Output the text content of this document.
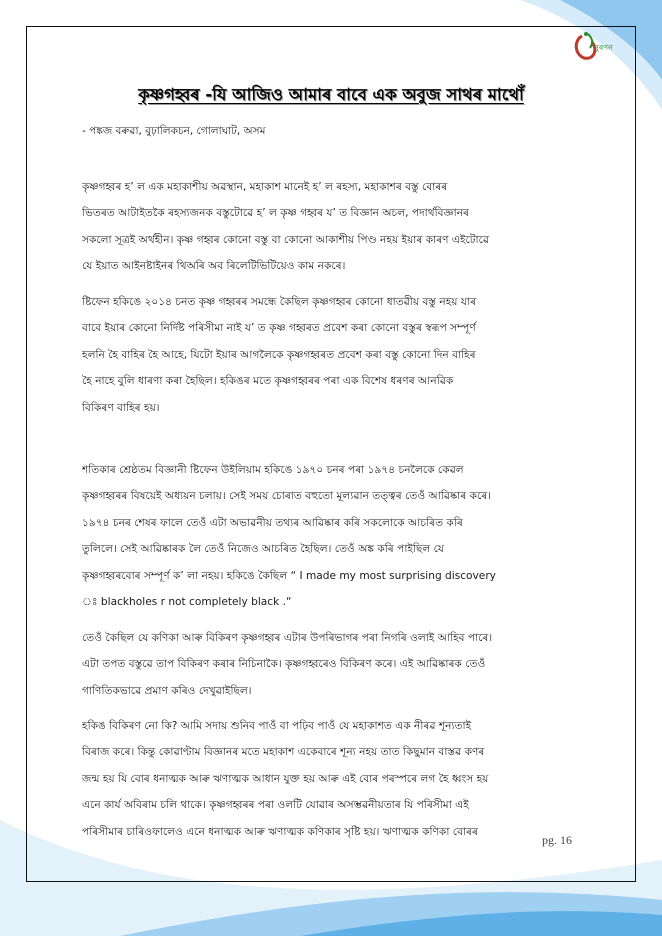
নুৰণন
কৃষ্ণগহ্বৰ -যি আজিও আমাৰ বাবে এক অবুজ সাথৰ মাথোঁ
- পঙ্কজ বৰুৱা, বুঢ়ালিকচন, গোলাঘাট, অসম

কৃষ্ণগহ্বৰ হ’ ল এক মহাকাশীয় অৱস্থান, মহাকাশ মানেই হ’ ল ৰহস্য, মহাকাশৰ বস্তু বোৰৰ
ভিতৰত আটাইতকৈ ৰহস্যজনক বস্তুটোৱে হ’ ল কৃষ্ণ গহ্বৰ য’ ত বিজ্ঞান অচল, পদাৰ্থবিজ্ঞানৰ
সকলো সূত্ৰই অৰ্থহীন। কৃষ্ণ গহ্বৰ কোনো বস্তু বা কোনো আকাশীয় পিণ্ড নহয় ইয়াৰ কাৰণ এইটোৱে
যে ইয়াত আইনষ্টাইনৰ থিঅৰি অব ৰিলেটিভিটিয়েও কাম নকৰে।

ষ্টিফেন হকিঙে ২০১৪ চনত কৃষ্ণ গহ্বৰৰ সমন্ধে কৈছিল কৃষ্ণগহ্বৰ কোনো ধাতৱীয় বস্তু নহয় যাৰ
বাবে ইয়াৰ কোনো নিৰ্দিষ্ট পৰিসীমা নাই য’ ত কৃষ্ণ গহ্বৰত প্ৰবেশ কৰা কোনো বস্তুৰ স্বৰূপ সম্পূৰ্ণ
হলনি হৈ বাহিৰ হৈ আহে, যিটো ইয়াৰ আগলৈকে কৃষ্ণগহ্বৰত প্ৰবেশ কৰা বস্তু কোনো দিন বাহিৰ
হৈ নাহে বুলি ধাৰণা কৰা হৈছিল। হকিঙৰ মতে কৃষ্ণগহ্বৰৰ পৰা এক বিশেষ ধৰণৰ আনৱিক
বিকিৰণ বাহিৰ হয়।

শতিকাৰ শ্ৰেষ্ঠতম বিজ্ঞানী ষ্টিফেন উইলিয়াম হকিঙে ১৯৭০ চনৰ পৰা ১৯৭৪ চনলৈকে কেৱল
কৃষ্ণগহ্বৰৰ বিষয়েই অধ্যয়ন চলায়। সেই সময় চোৰাত বহুতো মূল্যৱান তত্ত্বৰ তেওঁ আৱিষ্কাৰ কৰে।
১৯৭৪ চনৰ শেষৰ ফালে তেওঁ এটা অভাৱনীয় তথ্যৰ আৱিষ্কাৰ কৰি সকলোকে আচৰিত কৰি
তুলিলে। সেই আৱিষ্কাৰক লৈ তেওঁ নিজেও আচৰিত হৈছিল। তেওঁ অঙ্ক কৰি পাইছিল যে
কৃষ্ণগহ্বৰবোৰ সম্পূৰ্ণ ক’ লা নহয়। হকিঙে কৈছিল “ I made my most surprising discovery
ঃ blackholes r not completely black .“

তেওঁ কৈছিল যে কণিকা আৰু বিকিৰণ কৃষ্ণগহ্বৰ এটাৰ উপৰিভাগৰ পৰা নিগৰি ওলাই আহিব পাৰে।
এটা তপত বস্তুৱে তাপ বিকিৰণ কৰাৰ নিচিনাকৈ। কৃষ্ণগহ্বৰেও বিকিৰণ কৰে। এই আৱিষ্কাৰক তেওঁ
গাণিতিকভাৱে প্ৰমাণ কৰিও দেখুৱাইছিল।

হকিঙ বিকিৰণ নো কি? আমি সদায় শুনিব পাওঁ বা পঢ়িব পাওঁ যে মহাকাশত এক নীৰৱ শূন্যতাই
বিৰাজ কৰে। কিন্তু কোৱাণ্টাম বিজ্ঞানৰ মতে মহাকাশ একেবাৰে শূন্য নহয় তাত কিছুমান বাস্তৱ কণৰ
জন্ম হয় যি বোৰ ধনাত্মক আৰু ঋণাত্মক আধান যুক্ত হয় আৰু এই বোৰ পৰস্পৰে লগ হৈ ধ্বংস হয়
এনে কাৰ্য অবিৰাম চলি থাকে। কৃষ্ণগহ্বৰৰ পৰা ওলটি যোৱাৰ অসম্ভৱনীয়তাৰ যি পৰিসীমা এই
পৰিসীমাৰ চাৰিওফালেও এনে ধনাত্মক আৰু ঋণাত্মক কণিকাৰ সৃষ্টি হয়। ঋণাত্মক কণিকা বোৰৰ

pg. 16
